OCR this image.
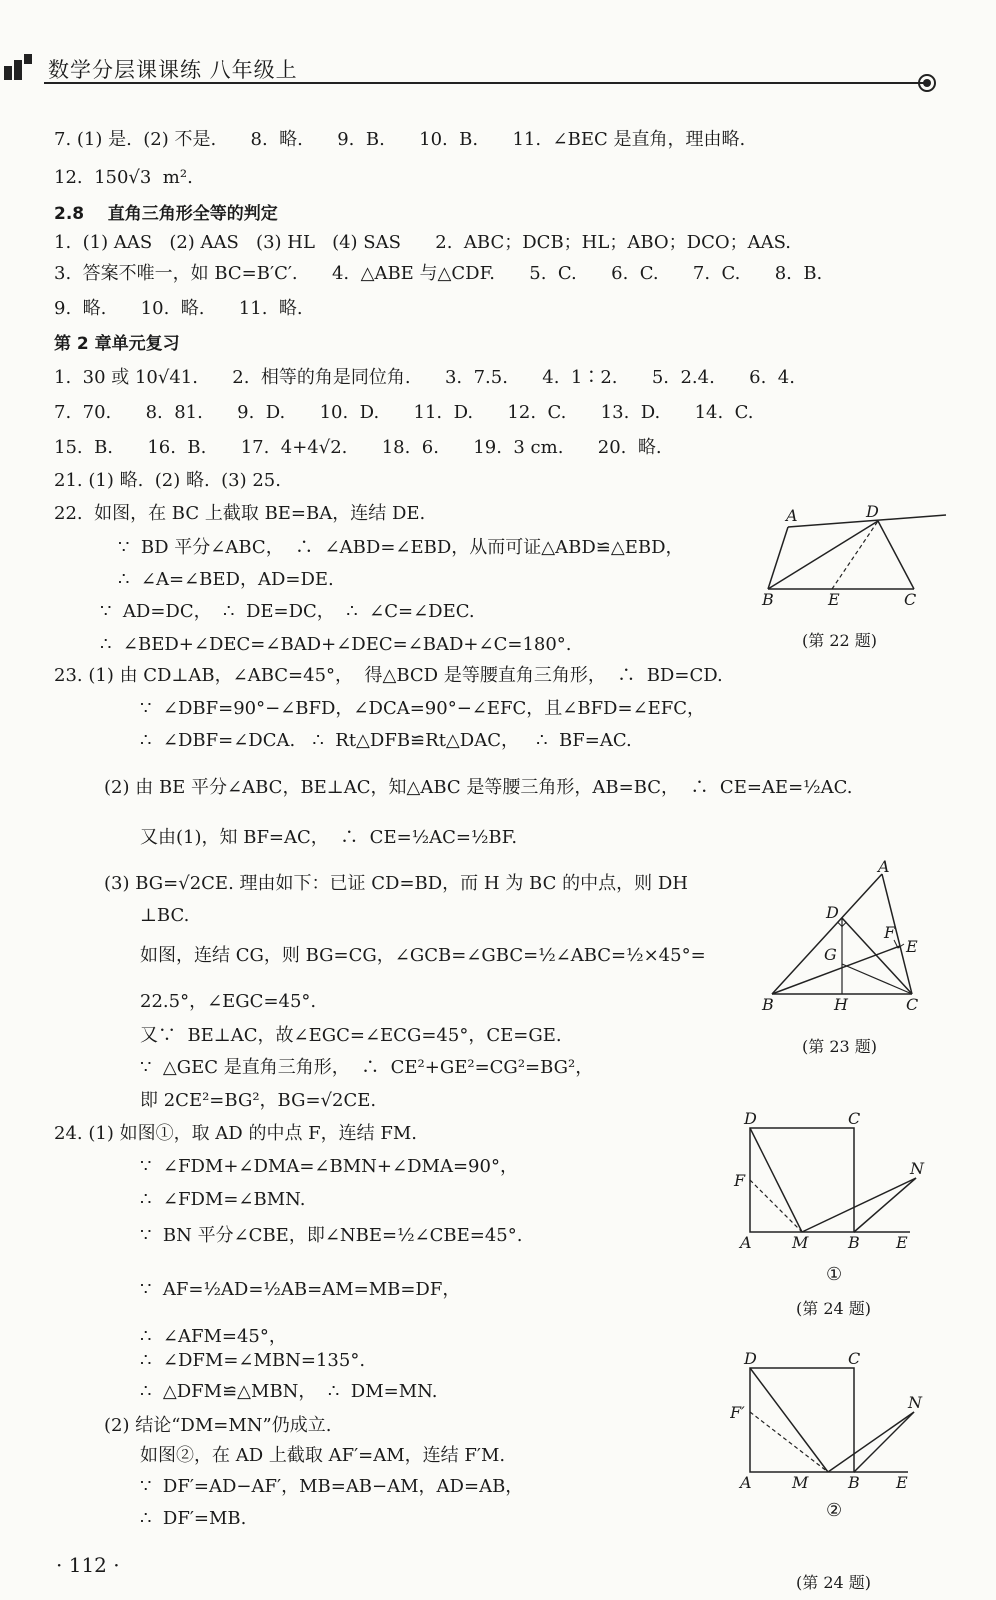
数学分层课课练 八年级上
7. (1) 是.  (2) 不是.      8.  略.      9.  B.      10.  B.      11.  ∠BEC 是直角，理由略.
12.  150√3  m².
2.8    直角三角形全等的判定
1.  (1) AAS   (2) AAS   (3) HL   (4) SAS      2.  ABC；DCB；HL；ABO；DCO；AAS.
3.  答案不唯一，如 BC=B′C′.      4.  △ABE 与△CDF.      5.  C.      6.  C.      7.  C.      8.  B.
9.  略.      10.  略.      11.  略.
第 2 章单元复习
1.  30 或 10√41.      2.  相等的角是同位角.      3.  7.5.      4.  1∶2.      5.  2.4.      6.  4.
7.  70.      8.  81.      9.  D.      10.  D.      11.  D.      12.  C.      13.  D.      14.  C.
15.  B.      16.  B.      17.  4+4√2.      18.  6.      19.  3 cm.      20.  略.
21. (1) 略.  (2) 略.  (3) 25.
22.  如图，在 BC 上截取 BE=BA，连结 DE.
∵  BD 平分∠ABC，  ∴  ∠ABD=∠EBD，从而可证△ABD≌△EBD，
∴  ∠A=∠BED，AD=DE.
∵  AD=DC，  ∴  DE=DC，  ∴  ∠C=∠DEC.
∴  ∠BED+∠DEC=∠BAD+∠DEC=∠BAD+∠C=180°.
23. (1) 由 CD⊥AB，∠ABC=45°，  得△BCD 是等腰直角三角形，  ∴  BD=CD.
∵  ∠DBF=90°−∠BFD，∠DCA=90°−∠EFC，且∠BFD=∠EFC，
∴  ∠DBF=∠DCA.   ∴  Rt△DFB≌Rt△DAC，   ∴  BF=AC.
(2) 由 BE 平分∠ABC，BE⊥AC，知△ABC 是等腰三角形，AB=BC，  ∴  CE=AE=½AC.
又由(1)，知 BF=AC，  ∴  CE=½AC=½BF.
(3) BG=√2CE. 理由如下：已证 CD=BD，而 H 为 BC 的中点，则 DH
⊥BC.
如图，连结 CG，则 BG=CG，∠GCB=∠GBC=½∠ABC=½×45°=
22.5°，∠EGC=45°.
又∵  BE⊥AC，故∠EGC=∠ECG=45°，CE=GE.
∵  △GEC 是直角三角形，  ∴  CE²+GE²=CG²=BG²，
即 2CE²=BG²，BG=√2CE.
24. (1) 如图①，取 AD 的中点 F，连结 FM.
∵  ∠FDM+∠DMA=∠BMN+∠DMA=90°，
∴  ∠FDM=∠BMN.
∵  BN 平分∠CBE，即∠NBE=½∠CBE=45°.
∵  AF=½AD=½AB=AM=MB=DF，
∴  ∠AFM=45°，
∴  ∠DFM=∠MBN=135°.
∴  △DFM≌△MBN，  ∴  DM=MN.
(2) 结论“DM=MN”仍成立.
如图②，在 AD 上截取 AF′=AM，连结 F′M.
∵  DF′=AD−AF′，MB=AB−AM，AD=AB，
∴  DF′=MB.
A	D
B	E	C
(第 22 题)
A
D
F
E
G
B	H	C
(第 23 题)
D	C
F
N
A	M B E
①
(第 24 题)
D	C
F′
N
A	M B E
②
(第 24 题)
· 112 ·
